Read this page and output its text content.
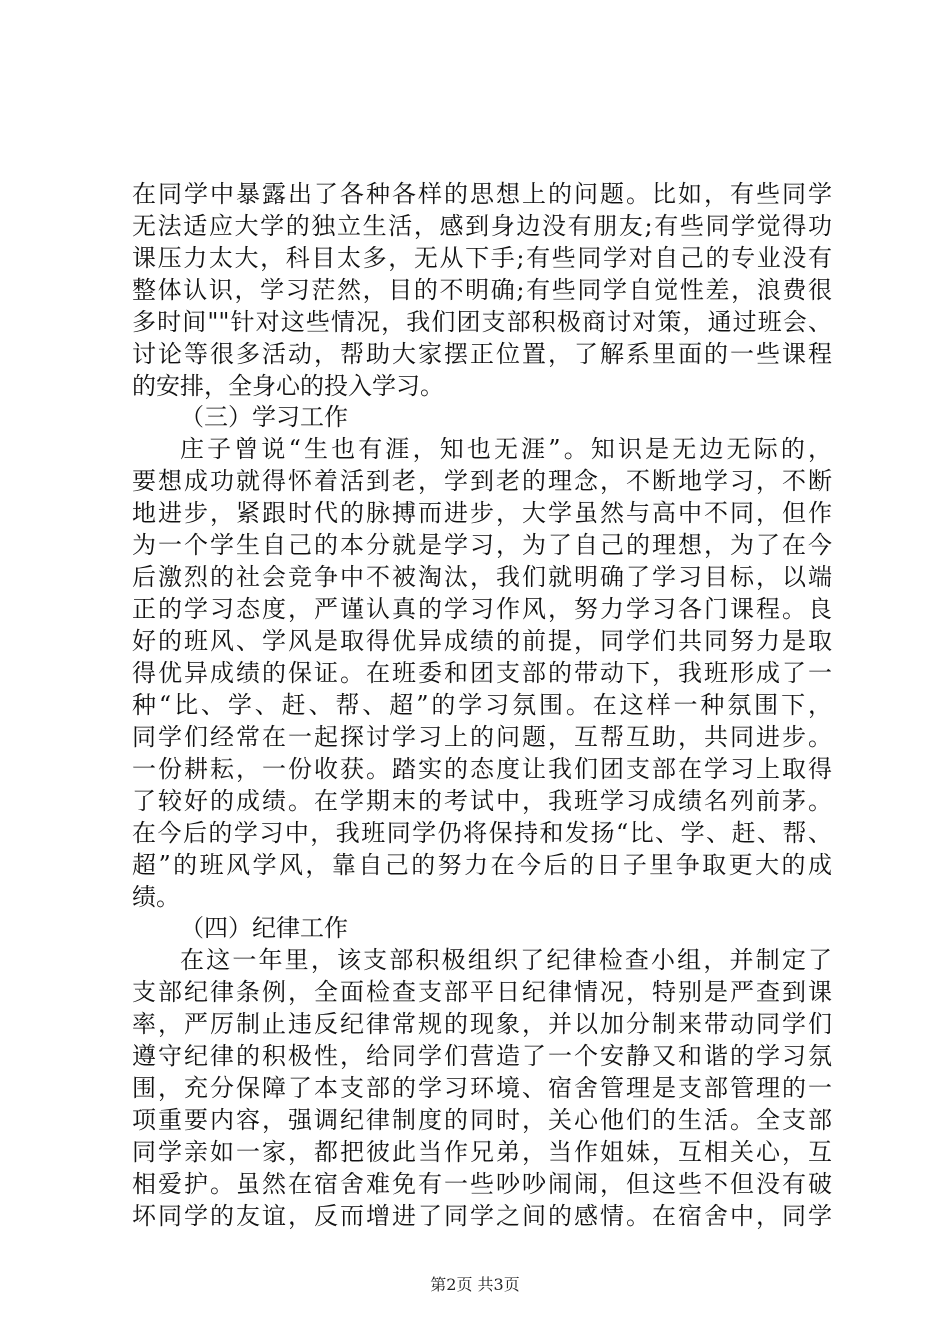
在同学中暴露出了各种各样的思想上的问题。比如，有些同学
无法适应大学的独立生活，感到身边没有朋友;有些同学觉得功
课压力太大，科目太多，无从下手;有些同学对自己的专业没有
整体认识，学习茫然，目的不明确;有些同学自觉性差，浪费很
多时间""针对这些情况，我们团支部积极商讨对策，通过班会、
讨论等很多活动，帮助大家摆正位置，了解系里面的一些课程
的安排，全身心的投入学习。
（三）学习工作
庄子曾说“生也有涯，知也无涯”。知识是无边无际的，
要想成功就得怀着活到老，学到老的理念，不断地学习，不断
地进步，紧跟时代的脉搏而进步，大学虽然与高中不同，但作
为一个学生自己的本分就是学习，为了自己的理想，为了在今
后激烈的社会竞争中不被淘汰，我们就明确了学习目标，以端
正的学习态度，严谨认真的学习作风，努力学习各门课程。良
好的班风、学风是取得优异成绩的前提，同学们共同努力是取
得优异成绩的保证。在班委和团支部的带动下，我班形成了一
种“比、学、赶、帮、超”的学习氛围。在这样一种氛围下，
同学们经常在一起探讨学习上的问题，互帮互助，共同进步。
一份耕耘，一份收获。踏实的态度让我们团支部在学习上取得
了较好的成绩。在学期末的考试中，我班学习成绩名列前茅。
在今后的学习中，我班同学仍将保持和发扬“比、学、赶、帮、
超”的班风学风，靠自己的努力在今后的日子里争取更大的成
绩。
（四）纪律工作
在这一年里，该支部积极组织了纪律检查小组，并制定了
支部纪律条例，全面检查支部平日纪律情况，特别是严查到课
率，严厉制止违反纪律常规的现象，并以加分制来带动同学们
遵守纪律的积极性，给同学们营造了一个安静又和谐的学习氛
围，充分保障了本支部的学习环境、宿舍管理是支部管理的一
项重要内容，强调纪律制度的同时，关心他们的生活。全支部
同学亲如一家，都把彼此当作兄弟，当作姐妹，互相关心，互
相爱护。虽然在宿舍难免有一些吵吵闹闹，但这些不但没有破
坏同学的友谊，反而增进了同学之间的感情。在宿舍中，同学
第2页 共3页
